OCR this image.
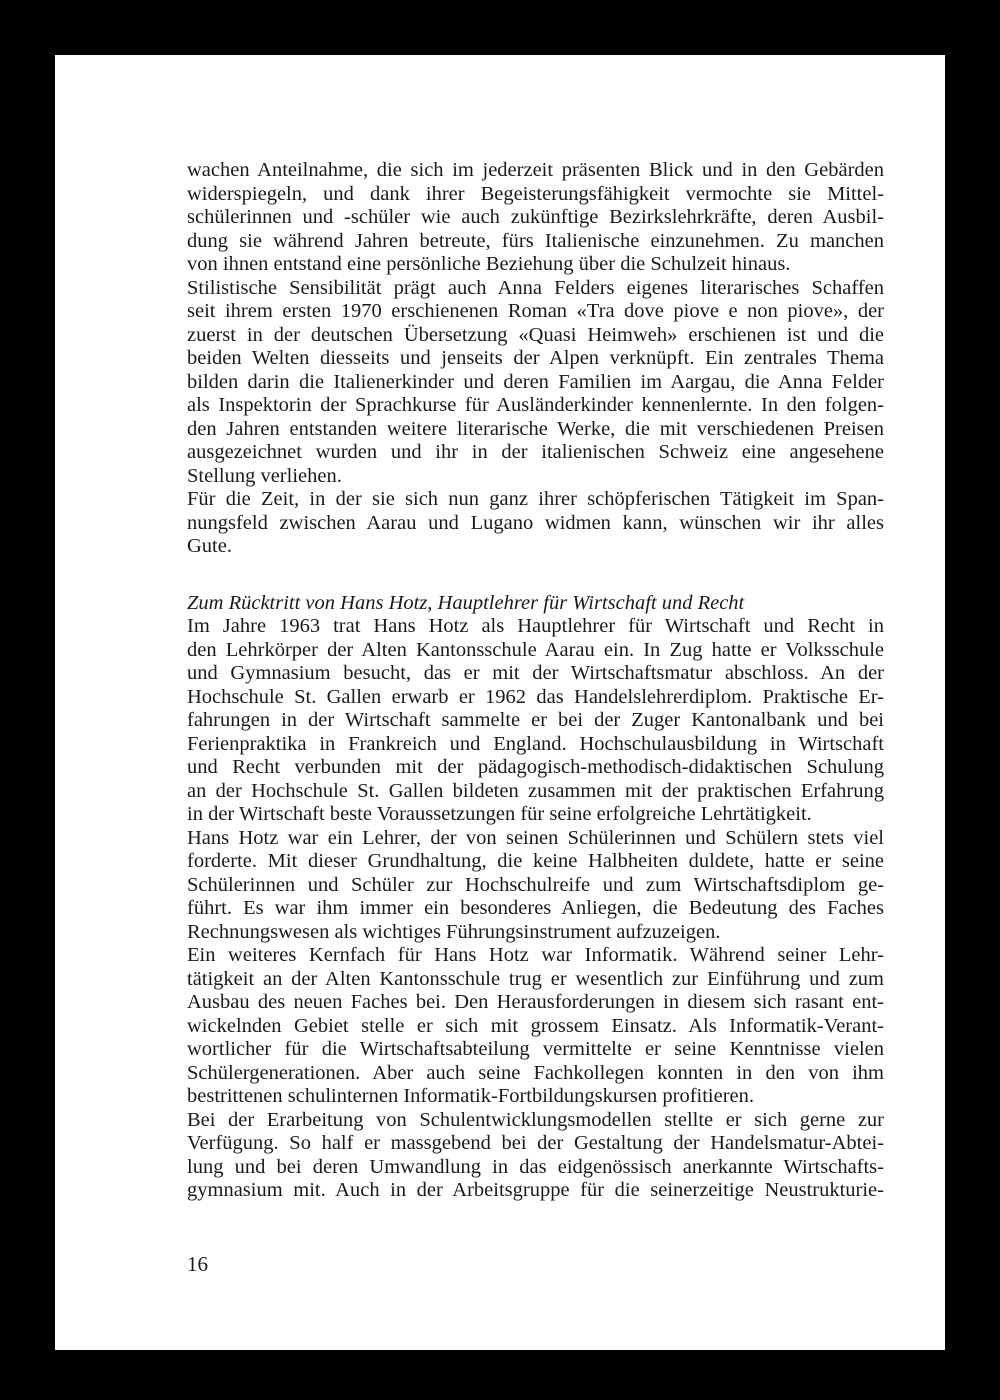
wachen Anteilnahme, die sich im jederzeit präsenten Blick und in den Gebärden
widerspiegeln, und dank ihrer Begeisterungsfähigkeit vermochte sie Mittel-
schülerinnen und -schüler wie auch zukünftige Bezirkslehrkräfte, deren Ausbil-
dung sie während Jahren betreute, fürs Italienische einzunehmen. Zu manchen
von ihnen entstand eine persönliche Beziehung über die Schulzeit hinaus.
Stilistische Sensibilität prägt auch Anna Felders eigenes literarisches Schaffen
seit ihrem ersten 1970 erschienenen Roman «Tra dove piove e non piove», der
zuerst in der deutschen Übersetzung «Quasi Heimweh» erschienen ist und die
beiden Welten diesseits und jenseits der Alpen verknüpft. Ein zentrales Thema
bilden darin die Italienerkinder und deren Familien im Aargau, die Anna Felder
als Inspektorin der Sprachkurse für Ausländerkinder kennenlernte. In den folgen-
den Jahren entstanden weitere literarische Werke, die mit verschiedenen Preisen
ausgezeichnet wurden und ihr in der italienischen Schweiz eine angesehene
Stellung verliehen.
Für die Zeit, in der sie sich nun ganz ihrer schöpferischen Tätigkeit im Span-
nungsfeld zwischen Aarau und Lugano widmen kann, wünschen wir ihr alles
Gute.
Zum Rücktritt von Hans Hotz, Hauptlehrer für Wirtschaft und Recht
Im Jahre 1963 trat Hans Hotz als Hauptlehrer für Wirtschaft und Recht in
den Lehrkörper der Alten Kantonsschule Aarau ein. In Zug hatte er Volksschule
und Gymnasium besucht, das er mit der Wirtschaftsmatur abschloss. An der
Hochschule St. Gallen erwarb er 1962 das Handelslehrerdiplom. Praktische Er-
fahrungen in der Wirtschaft sammelte er bei der Zuger Kantonalbank und bei
Ferienpraktika in Frankreich und England. Hochschulausbildung in Wirtschaft
und Recht verbunden mit der pädagogisch-methodisch-didaktischen Schulung
an der Hochschule St. Gallen bildeten zusammen mit der praktischen Erfahrung
in der Wirtschaft beste Voraussetzungen für seine erfolgreiche Lehrtätigkeit.
Hans Hotz war ein Lehrer, der von seinen Schülerinnen und Schülern stets viel
forderte. Mit dieser Grundhaltung, die keine Halbheiten duldete, hatte er seine
Schülerinnen und Schüler zur Hochschulreife und zum Wirtschaftsdiplom ge-
führt. Es war ihm immer ein besonderes Anliegen, die Bedeutung des Faches
Rechnungswesen als wichtiges Führungsinstrument aufzuzeigen.
Ein weiteres Kernfach für Hans Hotz war Informatik. Während seiner Lehr-
tätigkeit an der Alten Kantonsschule trug er wesentlich zur Einführung und zum
Ausbau des neuen Faches bei. Den Herausforderungen in diesem sich rasant ent-
wickelnden Gebiet stelle er sich mit grossem Einsatz. Als Informatik-Verant-
wortlicher für die Wirtschaftsabteilung vermittelte er seine Kenntnisse vielen
Schülergenerationen. Aber auch seine Fachkollegen konnten in den von ihm
bestrittenen schulinternen Informatik-Fortbildungskursen profitieren.
Bei der Erarbeitung von Schulentwicklungsmodellen stellte er sich gerne zur
Verfügung. So half er massgebend bei der Gestaltung der Handelsmatur-Abtei-
lung und bei deren Umwandlung in das eidgenössisch anerkannte Wirtschafts-
gymnasium mit. Auch in der Arbeitsgruppe für die seinerzeitige Neustrukturie-
16
